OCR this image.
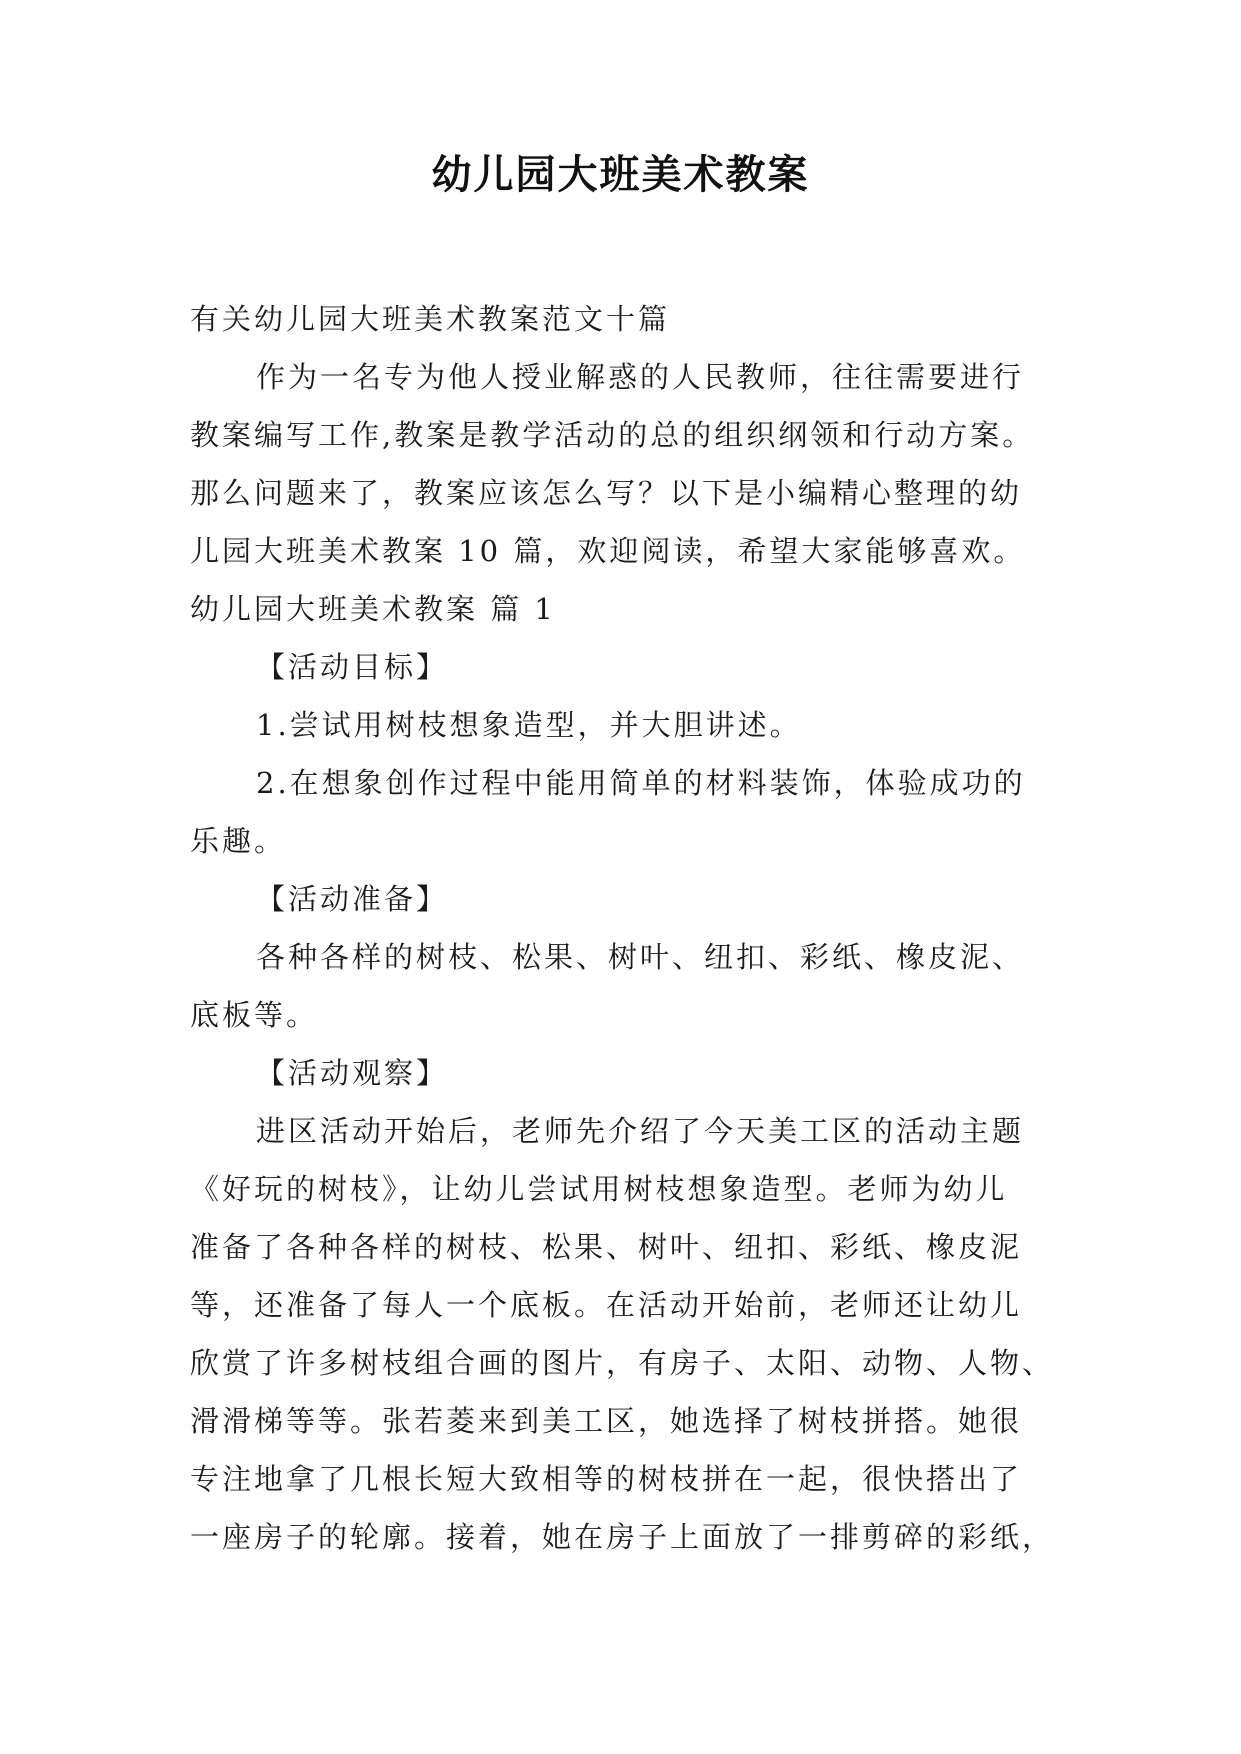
幼儿园大班美术教案
有关幼儿园大班美术教案范文十篇
作为一名专为他人授业解惑的人民教师，往往需要进行
教案编写工作,教案是教学活动的总的组织纲领和行动方案。
那么问题来了，教案应该怎么写？以下是小编精心整理的幼
儿园大班美术教案 10 篇，欢迎阅读，希望大家能够喜欢。
幼儿园大班美术教案 篇 1
【活动目标】
1.尝试用树枝想象造型，并大胆讲述。
2.在想象创作过程中能用简单的材料装饰，体验成功的
乐趣。
【活动准备】
各种各样的树枝、松果、树叶、纽扣、彩纸、橡皮泥、
底板等。
【活动观察】
进区活动开始后，老师先介绍了今天美工区的活动主题
《好玩的树枝》，让幼儿尝试用树枝想象造型。老师为幼儿
准备了各种各样的树枝、松果、树叶、纽扣、彩纸、橡皮泥
等，还准备了每人一个底板。在活动开始前，老师还让幼儿
欣赏了许多树枝组合画的图片，有房子、太阳、动物、人物、
滑滑梯等等。张若菱来到美工区，她选择了树枝拼搭。她很
专注地拿了几根长短大致相等的树枝拼在一起，很快搭出了
一座房子的轮廓。接着，她在房子上面放了一排剪碎的彩纸，
